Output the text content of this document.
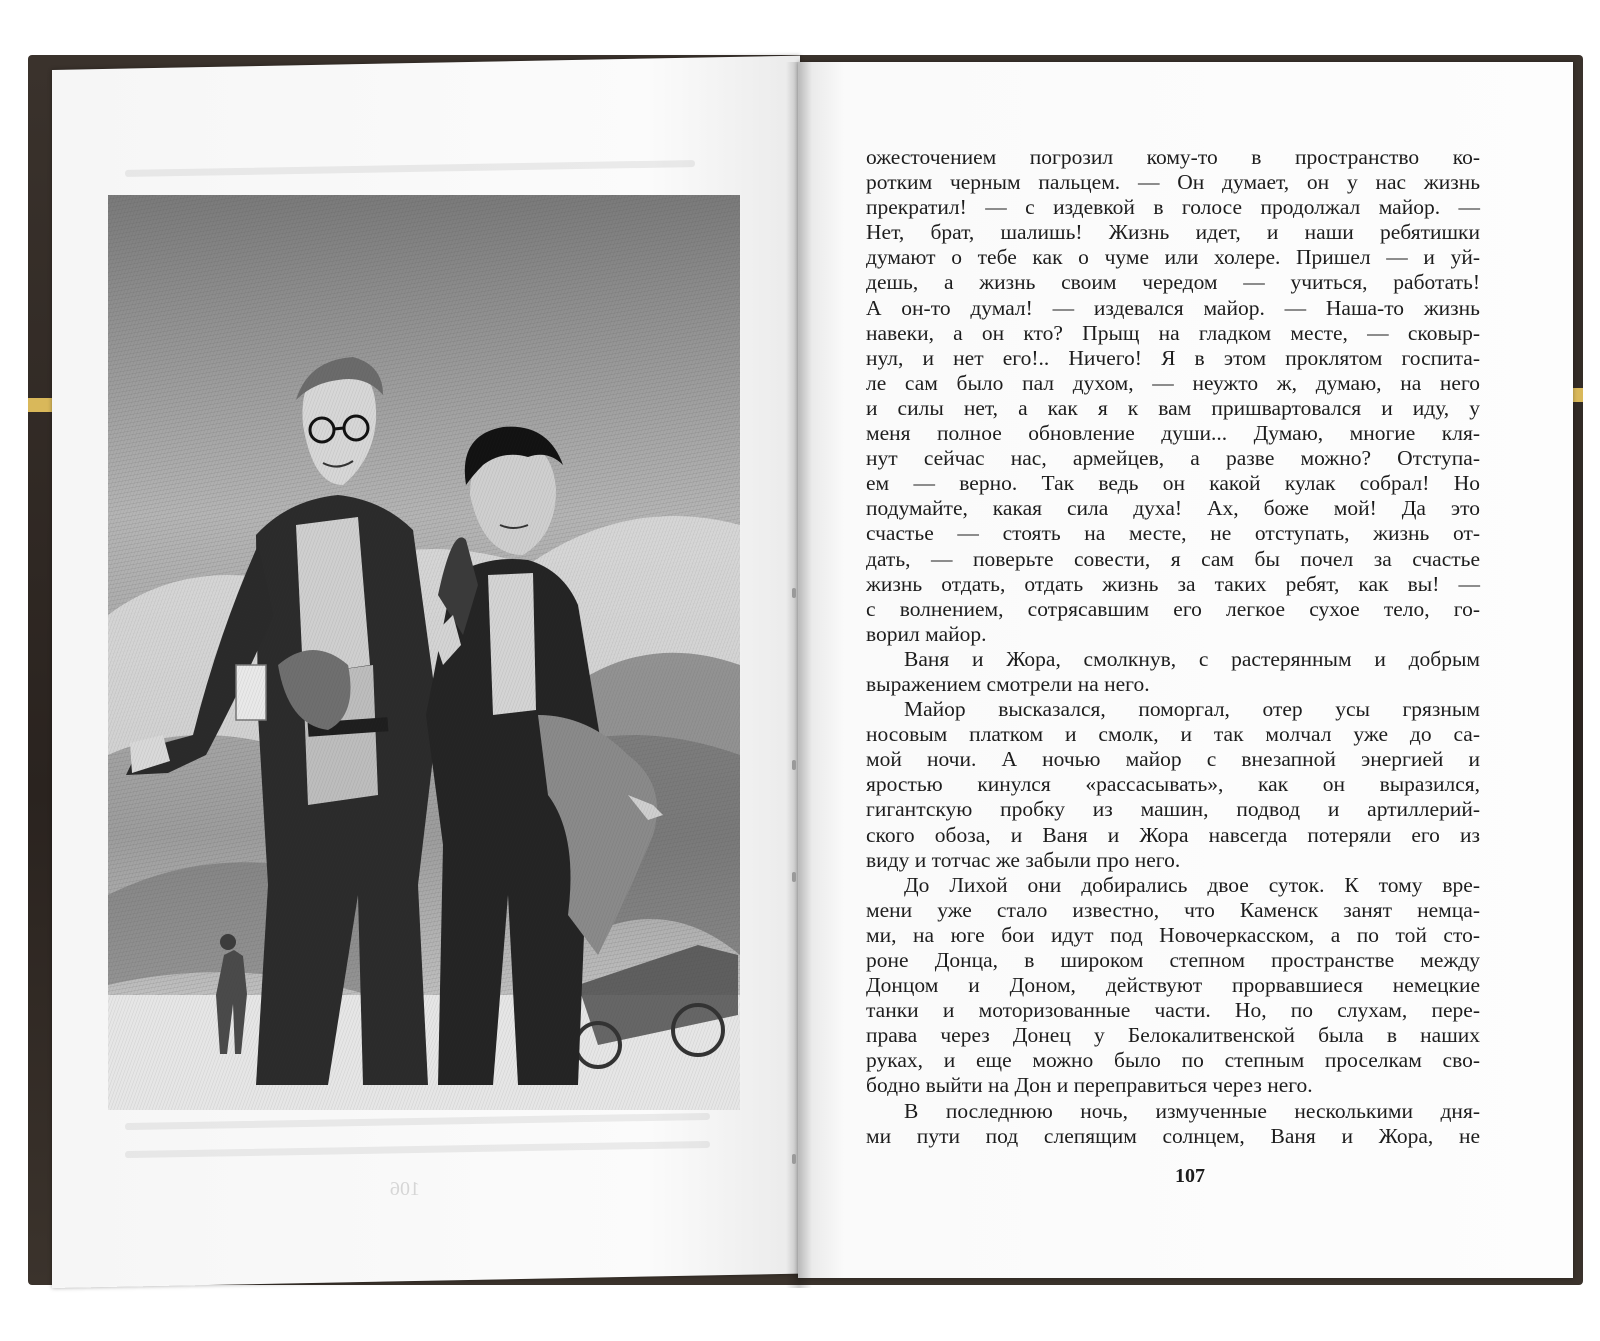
106
ожесточением погрозил кому-то в пространство ко-
ротким черным пальцем. — Он думает, он у нас жизнь
прекратил! — с издевкой в голосе продолжал майор. —
Нет, брат, шалишь! Жизнь идет, и наши ребятишки
думают о тебе как о чуме или холере. Пришел — и уй-
дешь, а жизнь своим чередом — учиться, работать!
А он-то думал! — издевался майор. — Наша-то жизнь
навеки, а он кто? Прыщ на гладком месте, — сковыр-
нул, и нет его!.. Ничего! Я в этом проклятом госпита-
ле сам было пал духом, — неужто ж, думаю, на него
и силы нет, а как я к вам пришвартовался и иду, у
меня полное обновление души... Думаю, многие кля-
нут сейчас нас, армейцев, а разве можно? Отступа-
ем — верно. Так ведь он какой кулак собрал! Но
подумайте, какая сила духа! Ах, боже мой! Да это
счастье — стоять на месте, не отступать, жизнь от-
дать, — поверьте совести, я сам бы почел за счастье
жизнь отдать, отдать жизнь за таких ребят, как вы! —
с волнением, сотрясавшим его легкое сухое тело, го-
ворил майор.
Ваня и Жора, смолкнув, с растерянным и добрым
выражением смотрели на него.
Майор высказался, поморгал, отер усы грязным
носовым платком и смолк, и так молчал уже до са-
мой ночи. А ночью майор с внезапной энергией и
яростью кинулся «рассасывать», как он выразился,
гигантскую пробку из машин, подвод и артиллерий-
ского обоза, и Ваня и Жора навсегда потеряли его из
виду и тотчас же забыли про него.
До Лихой они добирались двое суток. К тому вре-
мени уже стало известно, что Каменск занят немца-
ми, на юге бои идут под Новочеркасском, а по той сто-
роне Донца, в широком степном пространстве между
Донцом и Доном, действуют прорвавшиеся немецкие
танки и моторизованные части. Но, по слухам, пере-
права через Донец у Белокалитвенской была в наших
руках, и еще можно было по степным проселкам сво-
бодно выйти на Дон и переправиться через него.
В последнюю ночь, измученные несколькими дня-
ми пути под слепящим солнцем, Ваня и Жора, не
107
